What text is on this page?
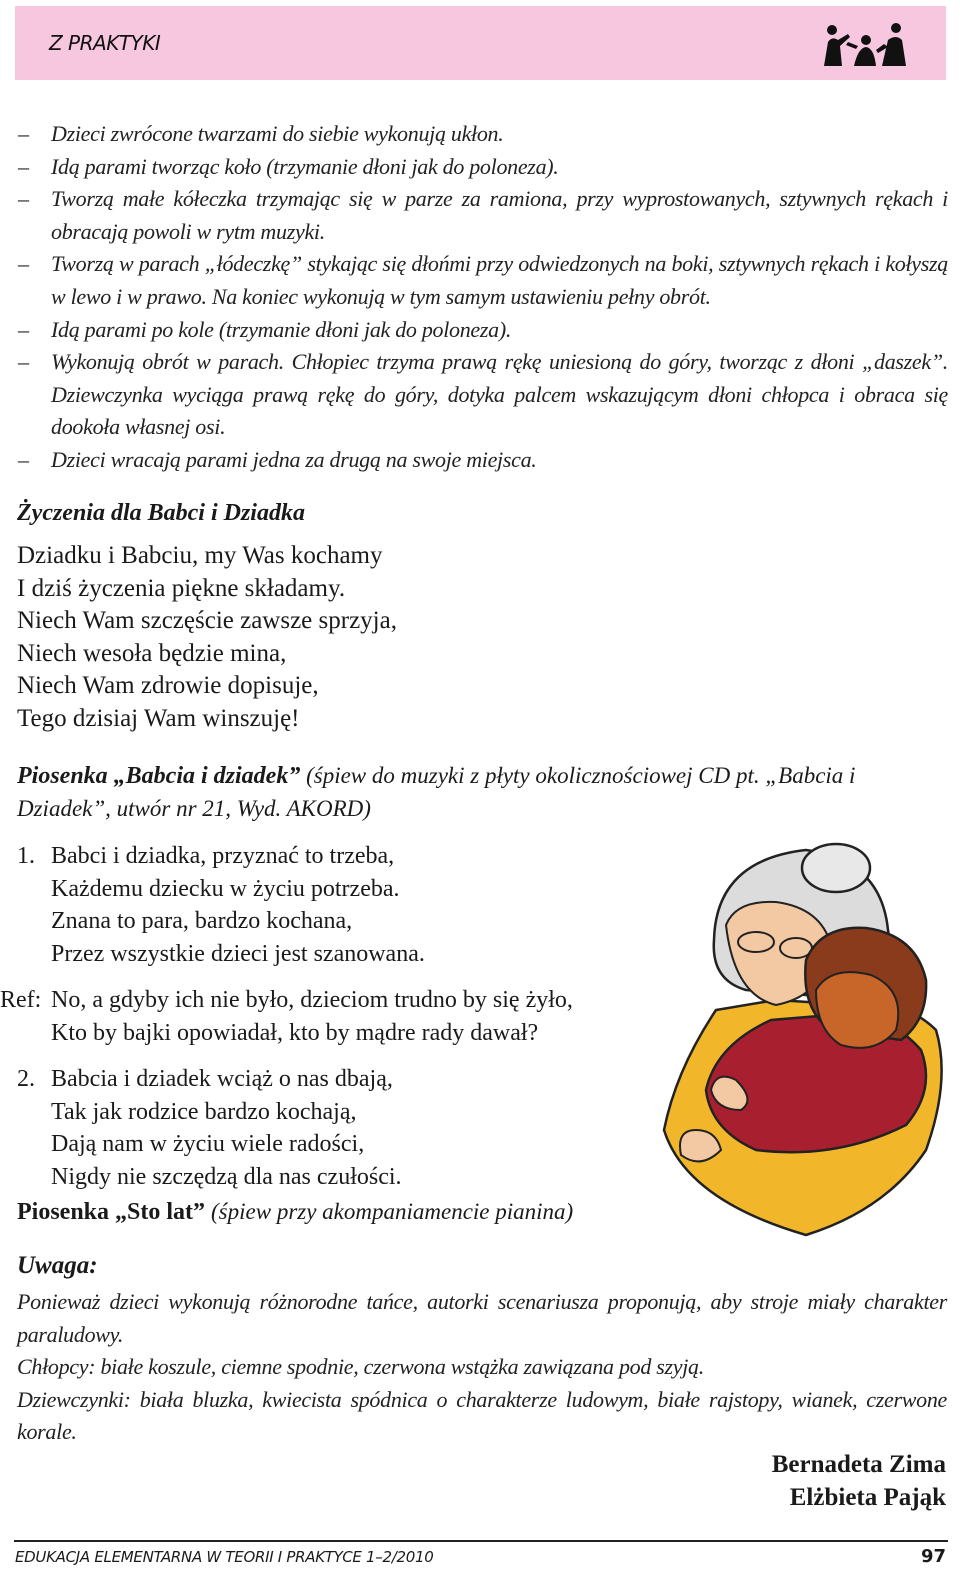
Z PRAKTYKI
– Dzieci zwrócone twarzami do siebie wykonują ukłon.
– Idą parami tworząc koło (trzymanie dłoni jak do poloneza).
– Tworzą małe kółeczka trzymając się w parze za ramiona, przy wyprostowanych, sztywnych rękach i obracają powoli w rytm muzyki.
– Tworzą w parach „łódeczkę” stykając się dłońmi przy odwiedzonych na boki, sztywnych rękach i kołyszą w lewo i w prawo. Na koniec wykonują w tym samym ustawieniu pełny obrót.
– Idą parami po kole (trzymanie dłoni jak do poloneza).
– Wykonują obrót w parach. Chłopiec trzyma prawą rękę uniesioną do góry, tworząc z dłoni „daszek”. Dziewczynka wyciąga prawą rękę do góry, dotyka palcem wskazującym dłoni chłopca i obraca się dookoła własnej osi.
– Dzieci wracają parami jedna za drugą na swoje miejsca.
Życzenia dla Babci i Dziadka
Dziadku i Babciu, my Was kochamy
I dziś życzenia piękne składamy.
Niech Wam szczęście zawsze sprzyja,
Niech wesoła będzie mina,
Niech Wam zdrowie dopisuje,
Tego dzisiaj Wam winszuję!
Piosenka „Babcia i dziadek” (śpiew do muzyki z płyty okolicznościowej CD pt. „Babcia i Dziadek”, utwór nr 21, Wyd. AKORD)
1. Babci i dziadka, przyznać to trzeba,
Każdemu dziecku w życiu potrzeba.
Znana to para, bardzo kochana,
Przez wszystkie dzieci jest szanowana.
Ref: No, a gdyby ich nie było, dzieciom trudno by się żyło,
Kto by bajki opowiadał, kto by mądre rady dawał?
2. Babcia i dziadek wciąż o nas dbają,
Tak jak rodzice bardzo kochają,
Dają nam w życiu wiele radości,
Nigdy nie szczędzą dla nas czułości.
Piosenka „Sto lat” (śpiew przy akompaniamencie pianina)
Uwaga:

Ponieważ dzieci wykonują różnorodne tańce, autorki scenariusza proponują, aby stroje miały charakter paraludowy.

Chłopcy: białe koszule, ciemne spodnie, czerwona wstążka zawiązana pod szyją.

Dziewczynki: biała bluzka, kwiecista spódnica o charakterze ludowym, białe rajstopy, wianek, czerwone korale.

Bernadeta Zima
Elżbieta Pająk
EDUKACJA ELEMENTARNA W TEORII I PRAKTYCE 1–2/2010	97
